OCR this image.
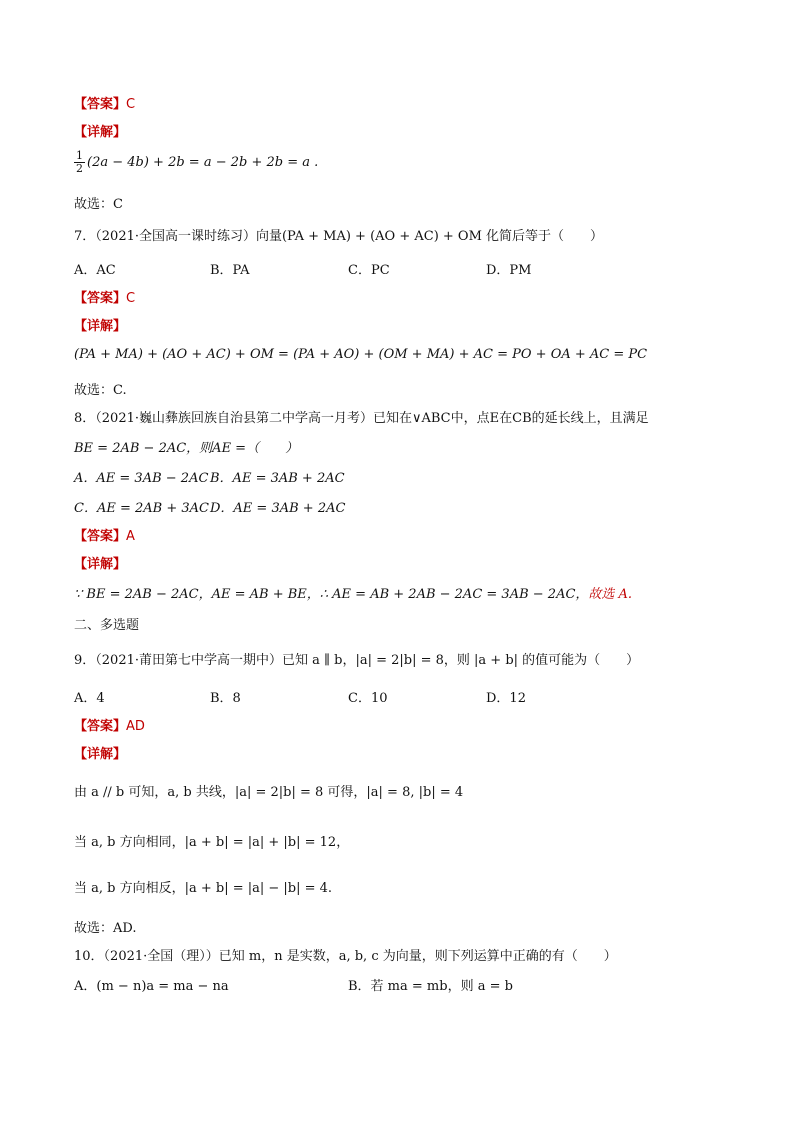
【答案】C
【详解】
$\frac{1}{2} (2a - 4b) + 2b = a - 2b + 2b = a$ .
故选：C
7．（2021·全国高一课时练习）向量(PA + MA) + (AO + AC) + OM 化简后等于（　　）
A．AC	B．PA	C．PC	D．PM
【答案】C
【详解】
(PA + MA) + (AO + AC) + OM = (PA + AO) + (OM + MA) + AC = PO + OA + AC = PC
故选：C.
8．（2021·巍山彝族回族自治县第二中学高一月考）已知在∨ABC中，点E在CB的延长线上，且满足
BE = 2AB − 2AC，则AE =（　　）
A．AE = 3AB − 2AC B．AE = 3AB + 2AC
C．AE = 2AB + 3AC D．AE = 3AB + 2AC
【答案】A
【详解】
∵ BE = 2AB − 2AC，AE = AB + BE，∴ AE = AB + 2AB − 2AC = 3AB − 2AC，故选 A.
二、多选题
9．（2021·莆田第七中学高一期中）已知 a ∥ b，|a| = 2|b| = 8，则 |a + b| 的值可能为（　　）
A．4	B．8	C．10	D．12
【答案】AD
【详解】
由 a // b 可知，a, b 共线，|a| = 2|b| = 8 可得，|a| = 8, |b| = 4
当 a, b 方向相同，|a + b| = |a| + |b| = 12，
当 a, b 方向相反，|a + b| = |a| − |b| = 4.
故选：AD.
10．（2021·全国（理））已知 m，n 是实数，a, b, c 为向量，则下列运算中正确的有（　　）
A．(m − n)a = ma − na	B．若 ma = mb，则 a = b
